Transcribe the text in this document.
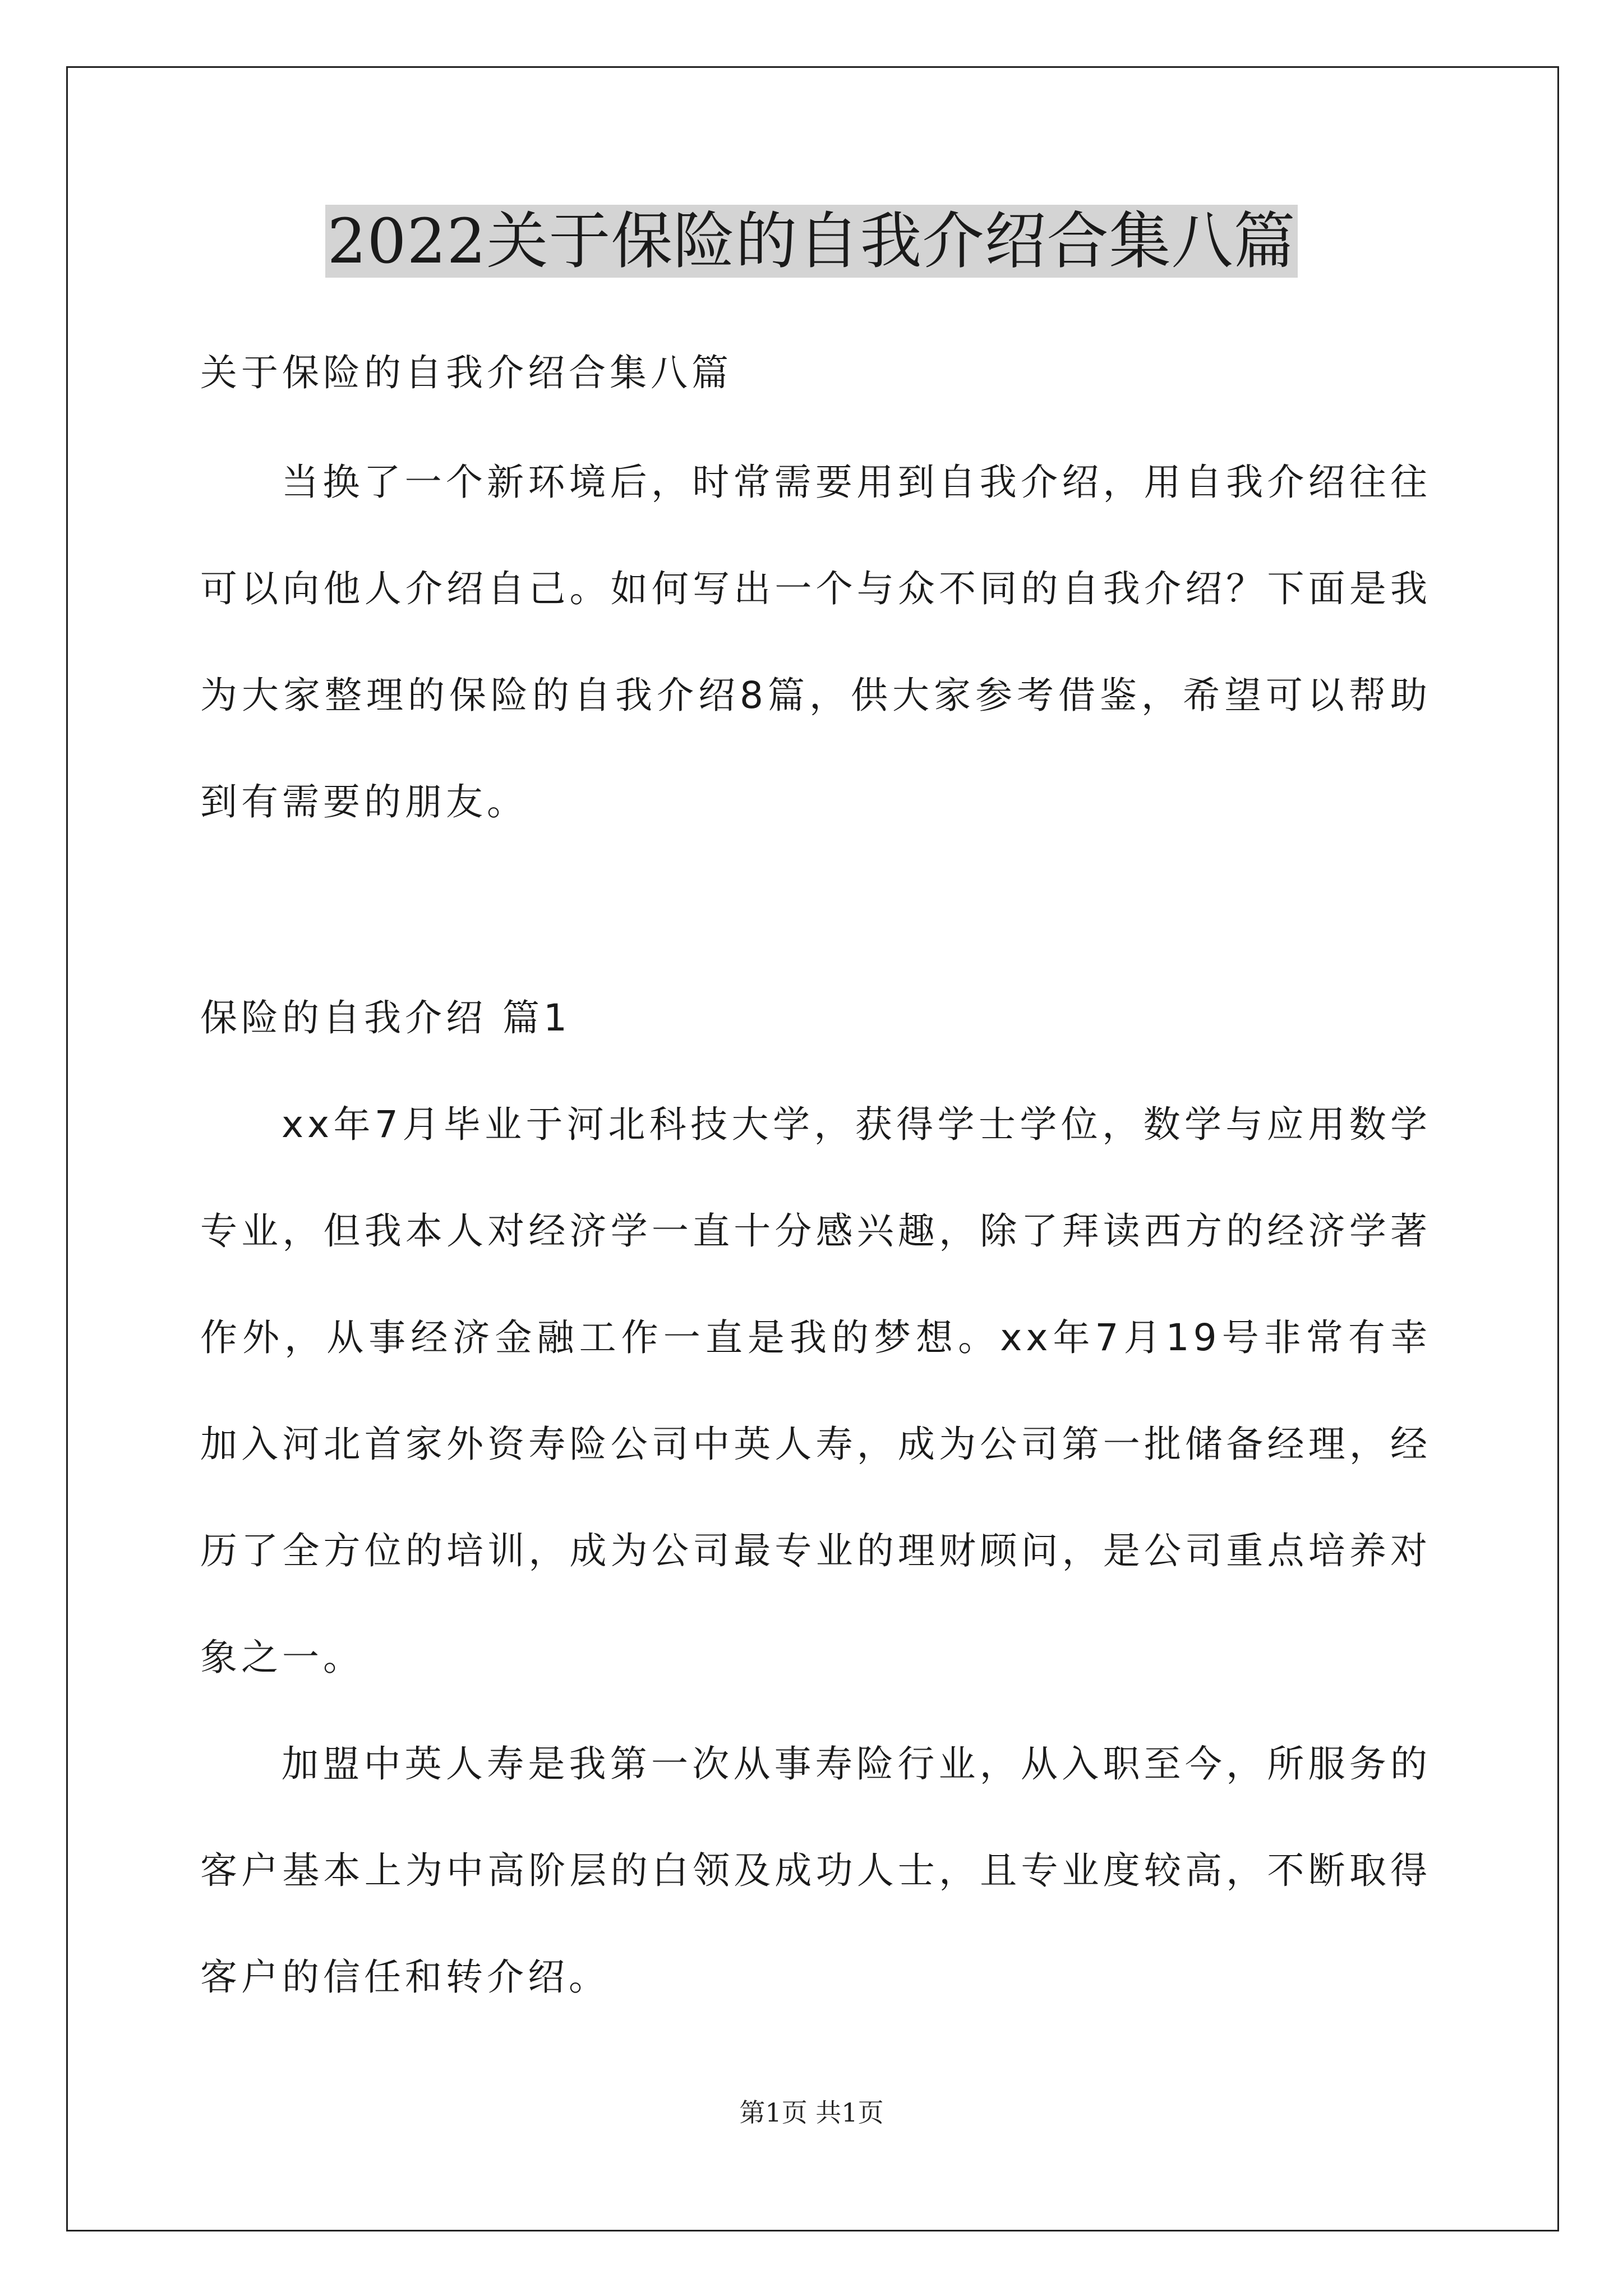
2022关于保险的自我介绍合集八篇
关于保险的自我介绍合集八篇
当换了一个新环境后，时常需要用到自我介绍，用自我介绍往往
可以向他人介绍自己。如何写出一个与众不同的自我介绍？下面是我
为大家整理的保险的自我介绍8篇，供大家参考借鉴，希望可以帮助
到有需要的朋友。
保险的自我介绍 篇1
xx年7月毕业于河北科技大学，获得学士学位，数学与应用数学
专业，但我本人对经济学一直十分感兴趣，除了拜读西方的经济学著
作外，从事经济金融工作一直是我的梦想。xx年7月19号非常有幸
加入河北首家外资寿险公司中英人寿，成为公司第一批储备经理，经
历了全方位的培训，成为公司最专业的理财顾问，是公司重点培养对
象之一。
加盟中英人寿是我第一次从事寿险行业，从入职至今，所服务的
客户基本上为中高阶层的白领及成功人士，且专业度较高，不断取得
客户的信任和转介绍。
第1页 共1页
